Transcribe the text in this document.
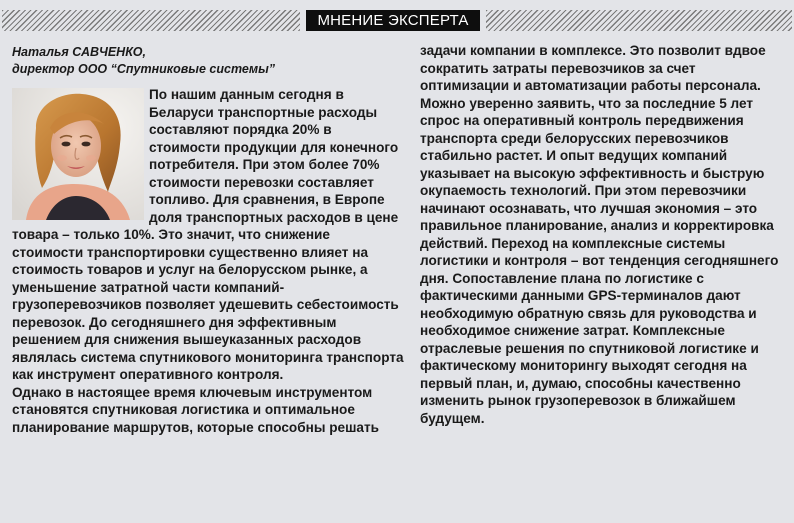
МНЕНИЕ ЭКСПЕРТА
Наталья САВЧЕНКО,
директор ООО “Спутниковые системы”

По нашим данным сегодня в Беларуси транспортные расходы составляют порядка 20% в стоимости продукции для конечного потребителя. При этом более 70% стоимости перевозки составляет топливо. Для сравнения, в Европе доля транспортных расходов в цене товара – только 10%. Это значит, что снижение стоимости транспортировки существенно влияет на стоимость товаров и услуг на белорусском рынке, а уменьшение затратной части компаний-грузоперевозчиков позволяет удешевить себестоимость перевозок. До сегодняшнего дня эффективным решением для снижения вышеуказанных расходов являлась система спутникового мониторинга транспорта как инструмент оперативного контроля.

Однако в настоящее время ключевым инструментом становятся спутниковая логистика и оптимальное планирование маршрутов, которые способны решать

задачи компании в комплексе. Это позволит вдвое сократить затраты перевозчиков за счет оптимизации и автоматизации работы персонала.

Можно уверенно заявить, что за последние 5 лет спрос на оперативный контроль передвижения транспорта среди белорусских перевозчиков стабильно растет. И опыт ведущих компаний указывает на высокую эффективность и быструю окупаемость технологий. При этом перевозчики начинают осознавать, что лучшая экономия – это правильное планирование, анализ и корректировка действий. Переход на комплексные системы логистики и контроля – вот тенденция сегодняшнего дня. Сопоставление плана по логистике с фактическими данными GPS-терминалов дают необходимую обратную связь для руководства и необходимое снижение затрат. Комплексные отраслевые решения по спутниковой логистике и фактическому мониторингу выходят сегодня на первый план, и, думаю, способны качественно изменить рынок грузоперевозок в ближайшем будущем.
